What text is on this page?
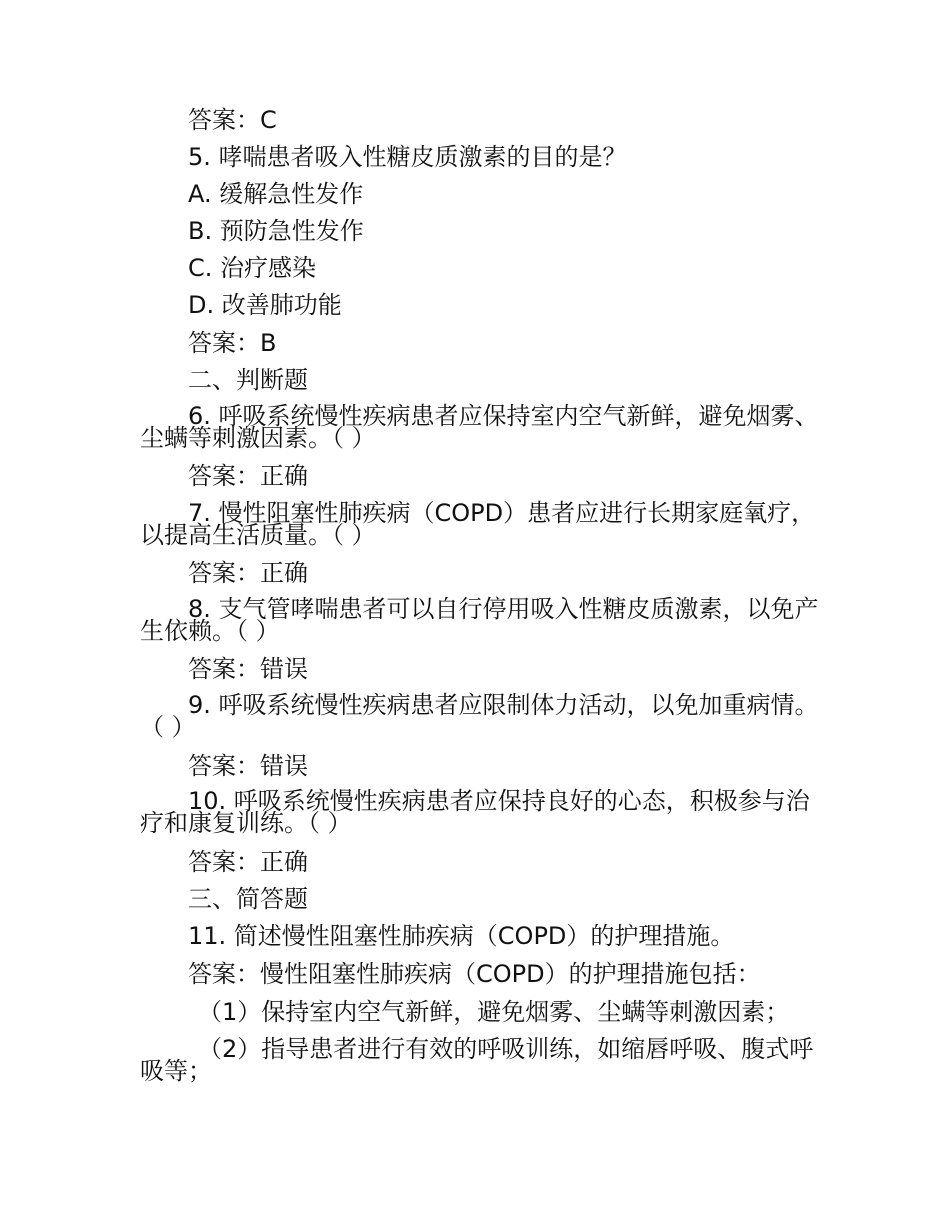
答案：C
5. 哮喘患者吸入性糖皮质激素的目的是？
A. 缓解急性发作
B. 预防急性发作
C. 治疗感染
D. 改善肺功能
答案：B
二、判断题
6. 呼吸系统慢性疾病患者应保持室内空气新鲜，避免烟雾、尘螨等刺激因素。（ ）
答案：正确
7. 慢性阻塞性肺疾病（COPD）患者应进行长期家庭氧疗，以提高生活质量。（ ）
答案：正确
8. 支气管哮喘患者可以自行停用吸入性糖皮质激素，以免产生依赖。（ ）
答案：错误
9. 呼吸系统慢性疾病患者应限制体力活动，以免加重病情。（ ）
答案：错误
10. 呼吸系统慢性疾病患者应保持良好的心态，积极参与治疗和康复训练。（ ）
答案：正确
三、简答题
11. 简述慢性阻塞性肺疾病（COPD）的护理措施。
答案：慢性阻塞性肺疾病（COPD）的护理措施包括：
（1）保持室内空气新鲜，避免烟雾、尘螨等刺激因素；
（2）指导患者进行有效的呼吸训练，如缩唇呼吸、腹式呼吸等；
